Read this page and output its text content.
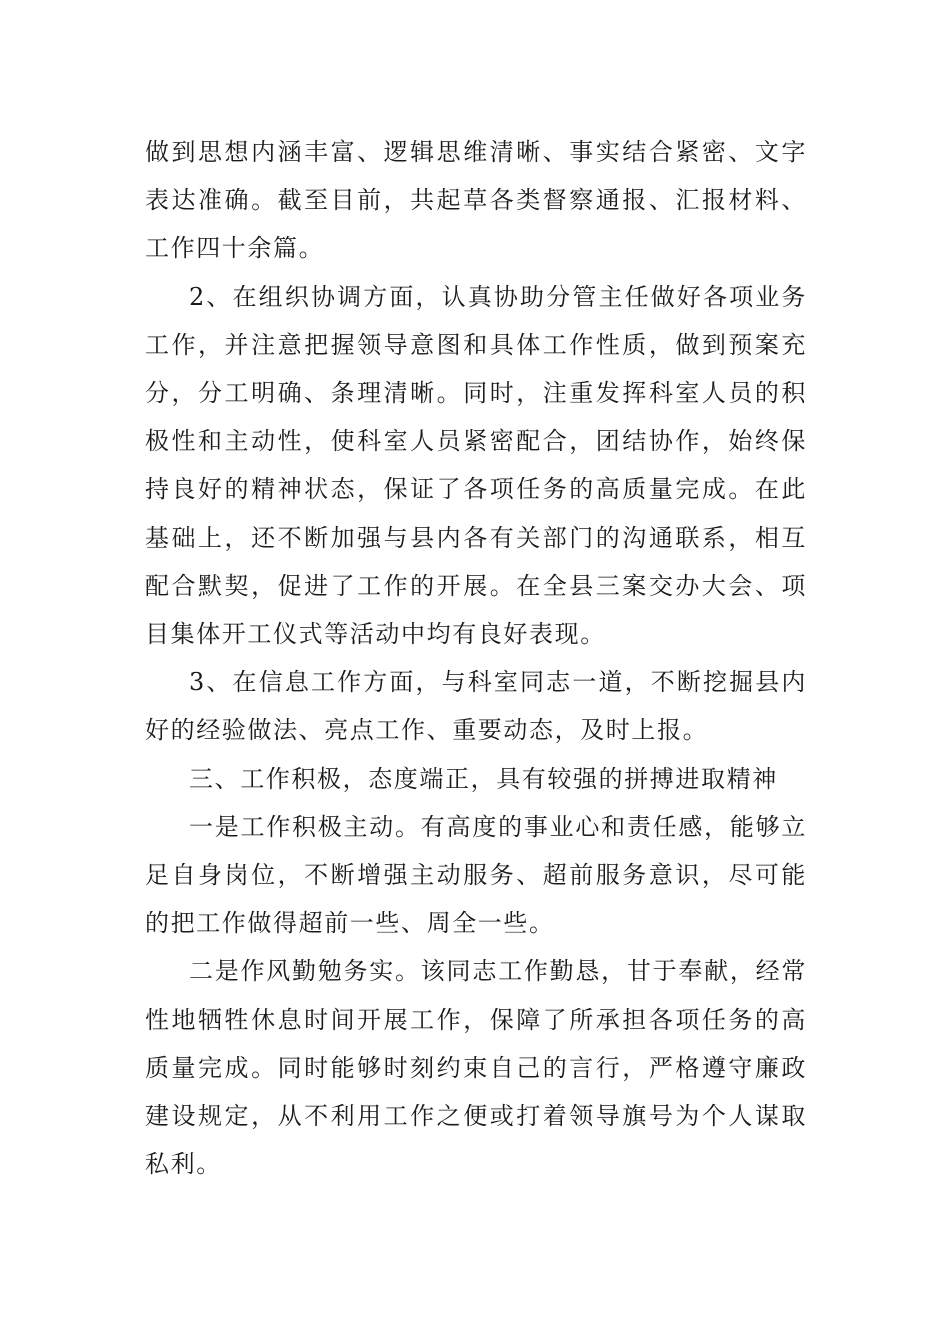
做到思想内涵丰富、逻辑思维清晰、事实结合紧密、文字表达准确。截至目前，共起草各类督察通报、汇报材料、工作四十余篇。

2、在组织协调方面，认真协助分管主任做好各项业务工作，并注意把握领导意图和具体工作性质，做到预案充分，分工明确、条理清晰。同时，注重发挥科室人员的积极性和主动性，使科室人员紧密配合，团结协作，始终保持良好的精神状态，保证了各项任务的高质量完成。在此基础上，还不断加强与县内各有关部门的沟通联系，相互配合默契，促进了工作的开展。在全县三案交办大会、项目集体开工仪式等活动中均有良好表现。

3、在信息工作方面，与科室同志一道，不断挖掘县内好的经验做法、亮点工作、重要动态，及时上报。

三、工作积极，态度端正，具有较强的拼搏进取精神

一是工作积极主动。有高度的事业心和责任感，能够立足自身岗位，不断增强主动服务、超前服务意识，尽可能的把工作做得超前一些、周全一些。

二是作风勤勉务实。该同志工作勤恳，甘于奉献，经常性地牺牲休息时间开展工作，保障了所承担各项任务的高质量完成。同时能够时刻约束自己的言行，严格遵守廉政建设规定，从不利用工作之便或打着领导旗号为个人谋取私利。
